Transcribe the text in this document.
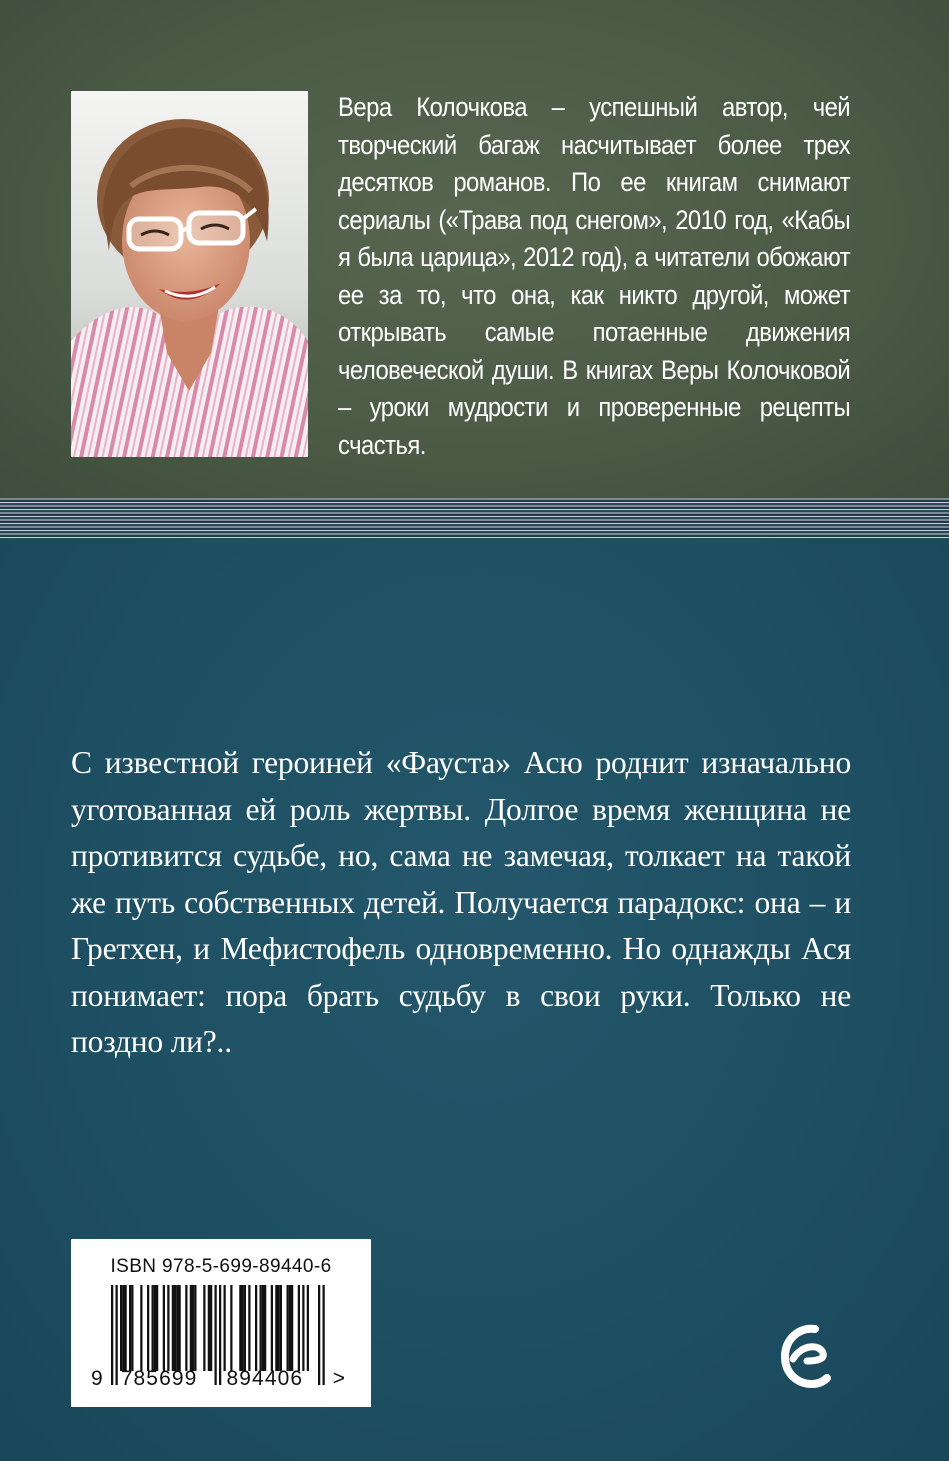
Вера Колочкова – успешный автор, чей творческий багаж насчитывает более трех десятков романов. По ее книгам снимают сериалы («Трава под снегом», 2010 год, «Кабы я была царица», 2012 год), а читатели обожают ее за то, что она, как никто другой, может открывать самые потаенные движения человеческой души. В книгах Веры Колочковой – уроки мудрости и проверенные рецепты счастья.

С известной героиней «Фауста» Асю роднит изначально уготованная ей роль жертвы. Долгое время женщина не противится судьбе, но, сама не замечая, толкает на такой же путь собственных детей. Получается парадокс: она – и Гретхен, и Мефистофель одновременно. Но однажды Ася понимает: пора брать судьбу в свои руки. Только не поздно ли?..

ISBN 978-5-699-89440-6
9 785699 894406 >
